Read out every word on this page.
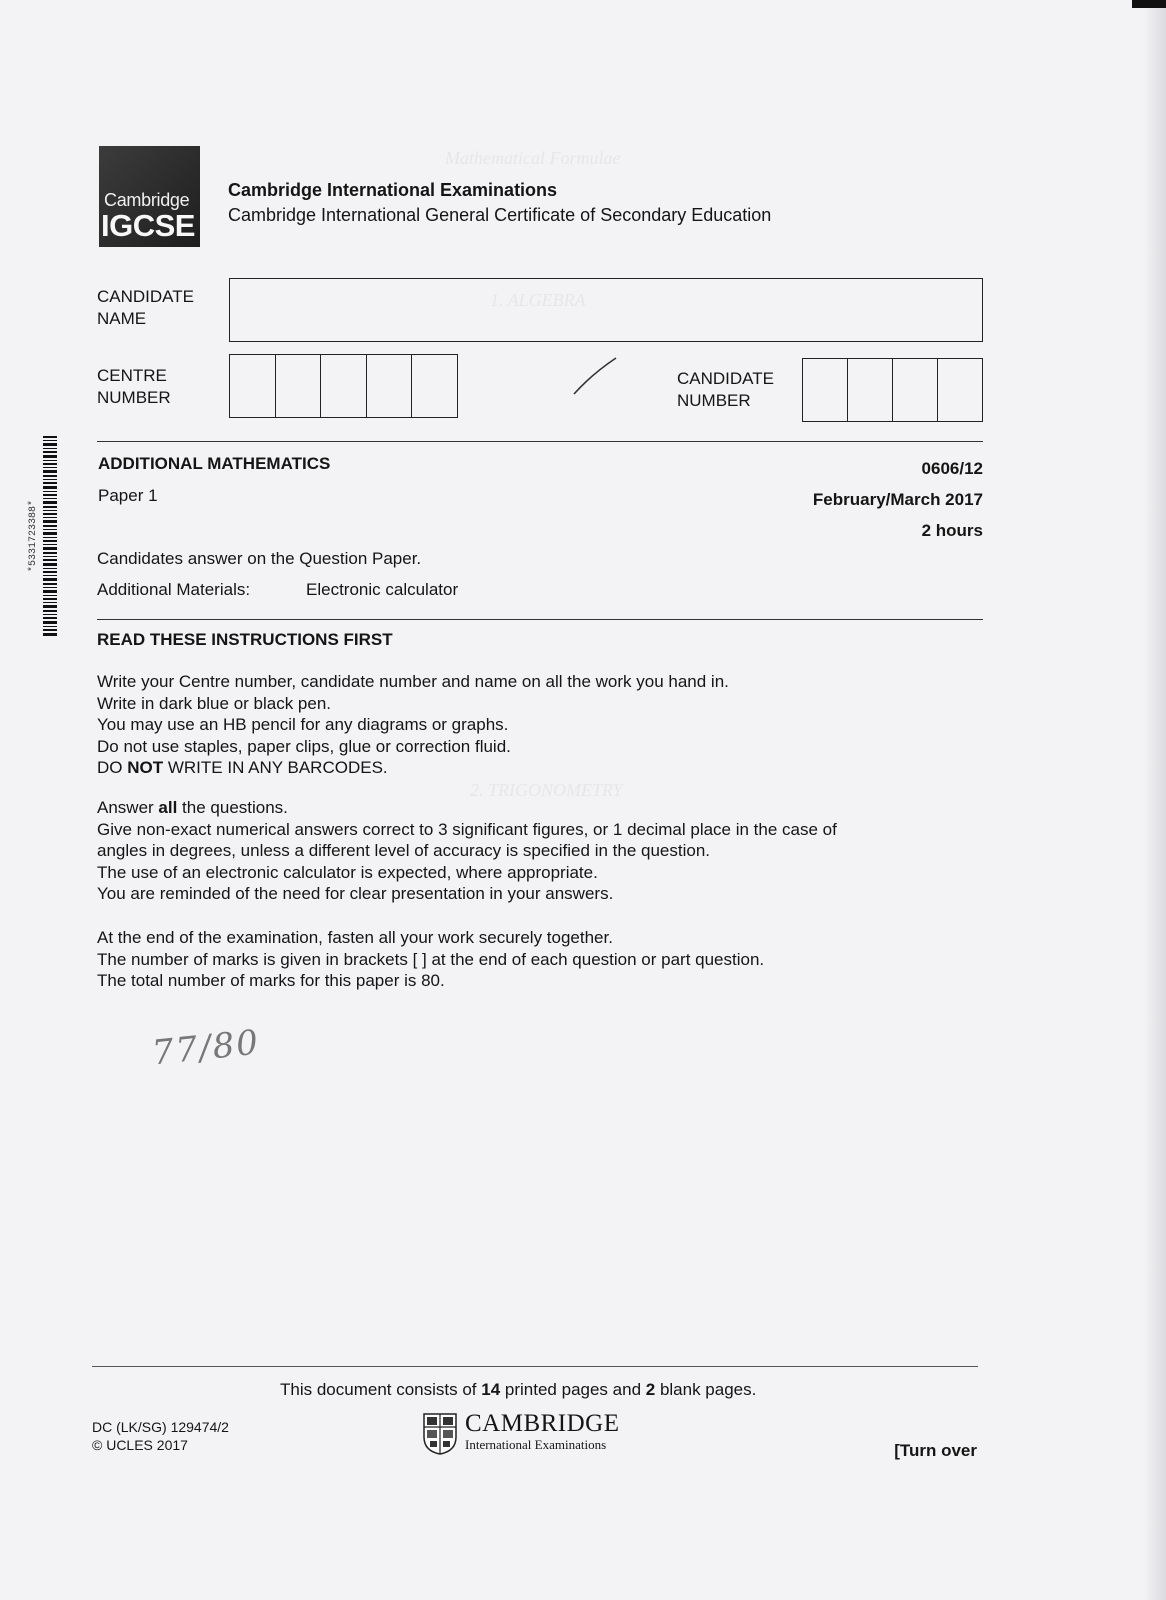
Mathematical Formulae
1. ALGEBRA
2. TRIGONOMETRY
Cambridge
IGCSE
Cambridge International Examinations
Cambridge International General Certificate of Secondary Education
CANDIDATE
NAME
CENTRE
NUMBER
CANDIDATE
NUMBER
*5331723388*
ADDITIONAL MATHEMATICS
Paper 1
0606/12
February/March 2017
2 hours
Candidates answer on the Question Paper.
Additional Materials:	Electronic calculator
READ THESE INSTRUCTIONS FIRST

Write your Centre number, candidate number and name on all the work you hand in.

Write in dark blue or black pen.

You may use an HB pencil for any diagrams or graphs.

Do not use staples, paper clips, glue or correction fluid.

DO NOT WRITE IN ANY BARCODES.

Answer all the questions.

Give non-exact numerical answers correct to 3 significant figures, or 1 decimal place in the case of

angles in degrees, unless a different level of accuracy is specified in the question.

The use of an electronic calculator is expected, where appropriate.

You are reminded of the need for clear presentation in your answers.

At the end of the examination, fasten all your work securely together.

The number of marks is given in brackets [ ] at the end of each question or part question.

The total number of marks for this paper is 80.

77/80
This document consists of 14 printed pages and 2 blank pages.
DC (LK/SG) 129474/2
© UCLES 2017
CAMBRIDGE
International Examinations	[Turn over
